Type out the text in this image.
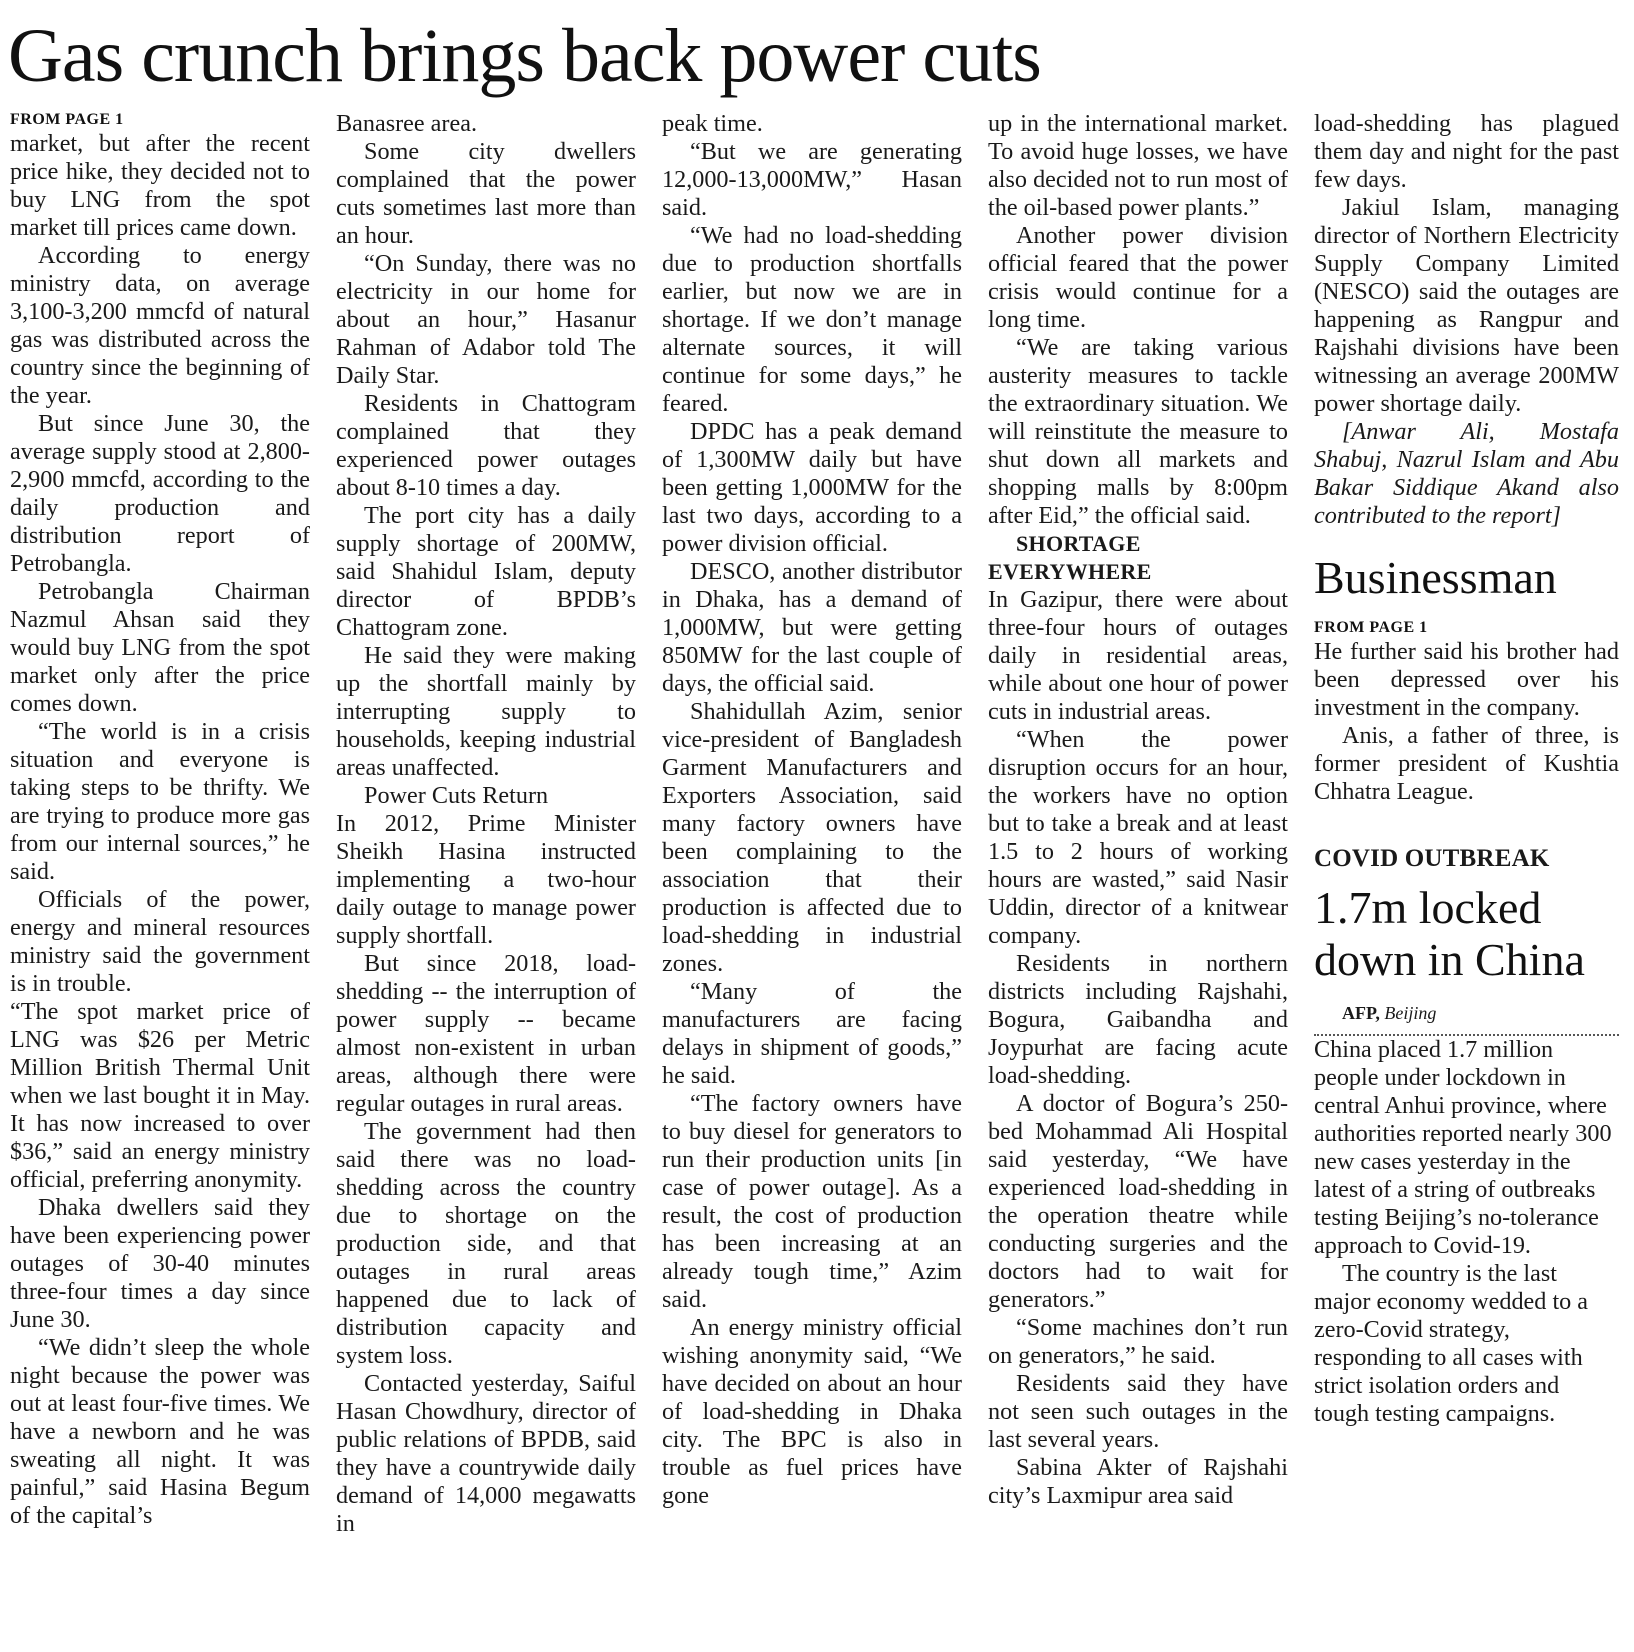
Gas crunch brings back power cuts

FROM PAGE 1

market, but after the recent price hike, they decided not to buy LNG from the spot market till prices came down.

According to energy ministry data, on average 3,100-3,200 mmcfd of natural gas was distributed across the country since the beginning of the year.

But since June 30, the average supply stood at 2,800-2,900 mmcfd, according to the daily production and distribution report of Petrobangla.

Petrobangla Chairman Nazmul Ahsan said they would buy LNG from the spot market only after the price comes down.

“The world is in a crisis situation and everyone is taking steps to be thrifty. We are trying to produce more gas from our internal sources,” he said.

Officials of the power, energy and mineral resources ministry said the government is in trouble.

“The spot market price of LNG was $26 per Metric Million British Thermal Unit when we last bought it in May. It has now increased to over $36,” said an energy ministry official, preferring anonymity.

Dhaka dwellers said they have been experiencing power outages of 30-40 minutes three-four times a day since June 30.

“We didn’t sleep the whole night because the power was out at least four-five times. We have a newborn and he was sweating all night. It was painful,” said Hasina Begum of the capital’s

Banasree area.

Some city dwellers complained that the power cuts sometimes last more than an hour.

“On Sunday, there was no electricity in our home for about an hour,” Hasanur Rahman of Adabor told The Daily Star.

Residents in Chattogram complained that they experienced power outages about 8-10 times a day.

The port city has a daily supply shortage of 200MW, said Shahidul Islam, deputy director of BPDB’s Chattogram zone.

He said they were making up the shortfall mainly by interrupting supply to households, keeping industrial areas unaffected.

Power Cuts Return

In 2012, Prime Minister Sheikh Hasina instructed implementing a two-hour daily outage to manage power supply shortfall.

But since 2018, load-shedding -- the interruption of power supply -- became almost non-existent in urban areas, although there were regular outages in rural areas.

The government had then said there was no load-shedding across the country due to shortage on the production side, and that outages in rural areas happened due to lack of distribution capacity and system loss.

Contacted yesterday, Saiful Hasan Chowdhury, director of public relations of BPDB, said they have a countrywide daily demand of 14,000 megawatts in

peak time.

“But we are generating 12,000-13,000MW,” Hasan said.

“We had no load-shedding due to production shortfalls earlier, but now we are in shortage. If we don’t manage alternate sources, it will continue for some days,” he feared.

DPDC has a peak demand of 1,300MW daily but have been getting 1,000MW for the last two days, according to a power division official.

DESCO, another distributor in Dhaka, has a demand of 1,000MW, but were getting 850MW for the last couple of days, the official said.

Shahidullah Azim, senior vice-president of Bangladesh Garment Manufacturers and Exporters Association, said many factory owners have been complaining to the association that their production is affected due to load-shedding in industrial zones.

“Many of the manufacturers are facing delays in shipment of goods,” he said.

“The factory owners have to buy diesel for generators to run their production units [in case of power outage]. As a result, the cost of production has been increasing at an already tough time,” Azim said.

An energy ministry official wishing anonymity said, “We have decided on about an hour of load-shedding in Dhaka city. The BPC is also in trouble as fuel prices have gone

up in the international market. To avoid huge losses, we have also decided not to run most of the oil-based power plants.”

Another power division official feared that the power crisis would continue for a long time.

“We are taking various austerity measures to tackle the extraordinary situation. We will reinstitute the measure to shut down all markets and shopping malls by 8:00pm after Eid,” the official said.

SHORTAGE EVERYWHERE

In Gazipur, there were about three-four hours of outages daily in residential areas, while about one hour of power cuts in industrial areas.

“When the power disruption occurs for an hour, the workers have no option but to take a break and at least 1.5 to 2 hours of working hours are wasted,” said Nasir Uddin, director of a knitwear company.

Residents in northern districts including Rajshahi, Bogura, Gaibandha and Joypurhat are facing acute load-shedding.

A doctor of Bogura’s 250-bed Mohammad Ali Hospital said yesterday, “We have experienced load-shedding in the operation theatre while conducting surgeries and the doctors had to wait for generators.”

“Some machines don’t run on generators,” he said.

Residents said they have not seen such outages in the last several years.

Sabina Akter of Rajshahi city’s Laxmipur area said

load-shedding has plagued them day and night for the past few days.

Jakiul Islam, managing director of Northern Electricity Supply Company Limited (NESCO) said the outages are happening as Rangpur and Rajshahi divisions have been witnessing an average 200MW power shortage daily.

[Anwar Ali, Mostafa Shabuj, Nazrul Islam and Abu Bakar Siddique Akand also contributed to the report]

Businessman

FROM PAGE 1

He further said his brother had been depressed over his investment in the company.

Anis, a father of three, is former president of Kushtia Chhatra League.

COVID OUTBREAK
1.7m locked down in China

AFP, Beijing

China placed 1.7 million people under lockdown in central Anhui province, where authorities reported nearly 300 new cases yesterday in the latest of a string of outbreaks testing Beijing’s no-tolerance approach to Covid-19.

The country is the last major economy wedded to a zero-Covid strategy, responding to all cases with strict isolation orders and tough testing campaigns.
